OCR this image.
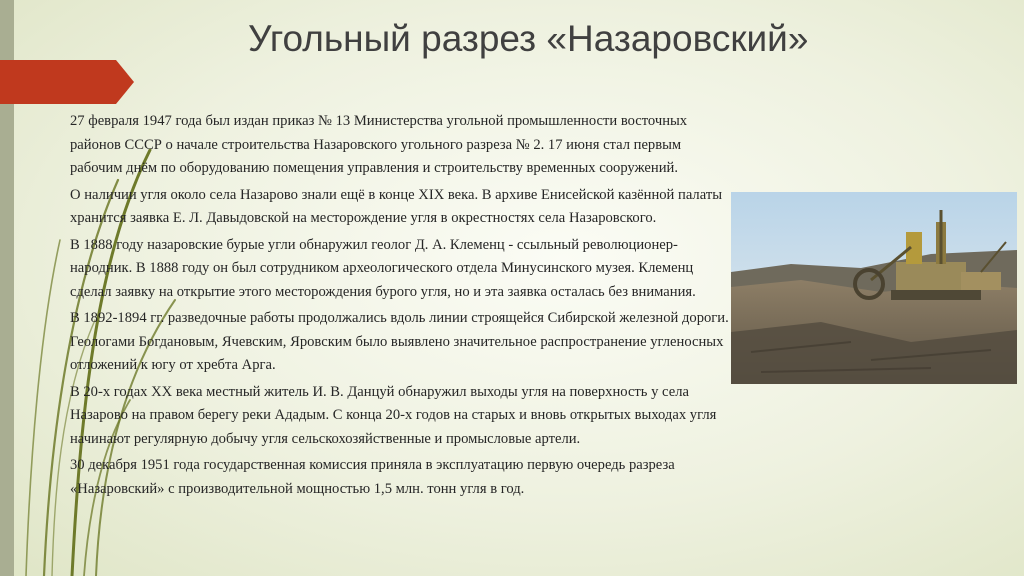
Угольный разрез «Назаровский»

27 февраля 1947 года был издан приказ № 13 Министерства угольной промышленности восточных районов СССР о начале строительства Назаровского угольного разреза № 2. 17 июня стал первым рабочим днём по оборудованию помещения управления и строительству временных сооружений.

О наличии угля около села Назарово знали ещё в конце XIX века. В архиве Енисейской казённой палаты хранится заявка Е. Л. Давыдовской на месторождение угля в окрестностях села Назаровского.

В 1888 году назаровские бурые угли обнаружил геолог Д. А. Клеменц - ссыльный революционер-народник. В 1888 году он был сотрудником археологического отдела Минусинского музея. Клеменц сделал заявку на открытие этого месторождения бурого угля, но и эта заявка осталась без внимания.

В 1892-1894 гг. разведочные работы продолжались вдоль линии строящейся Сибирской железной дороги. Геологами Богдановым, Ячевским, Яровским было выявлено значительное распространение угленосных отложений к югу от хребта Арга.

В 20-х годах XX века местный житель И. В. Данцуй обнаружил выходы угля на поверхность у села Назарово на правом берегу реки Ададым. С конца 20-х годов на старых и вновь открытых выходах угля начинают регулярную добычу угля сельскохозяйственные и промысловые артели.

30 декабря 1951 года государственная комиссия приняла в эксплуатацию первую очередь разреза «Назаровский» с производительной мощностью 1,5 млн. тонн угля в год.
